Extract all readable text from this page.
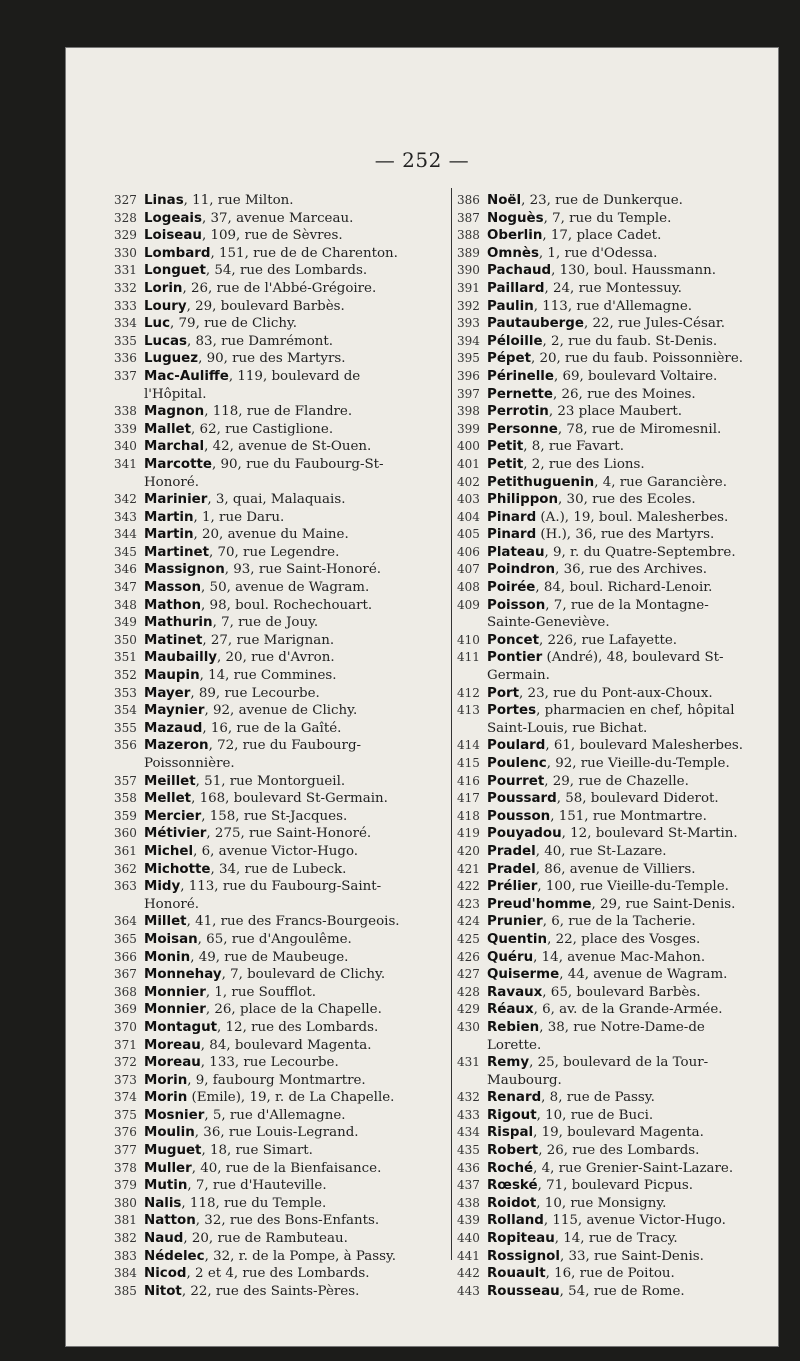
— 252 —
327 Linas, 11, rue Milton.
328 Logeais, 37, avenue Marceau.
329 Loiseau, 109, rue de Sèvres.
330 Lombard, 151, rue de de Charenton.
331 Longuet, 54, rue des Lombards.
332 Lorin, 26, rue de l'Abbé-Grégoire.
333 Loury, 29, boulevard Barbès.
334 Luc, 79, rue de Clichy.
335 Lucas, 83, rue Damrémont.
336 Luguez, 90, rue des Martyrs.
337 Mac-Auliffe, 119, boulevard de
l'Hôpital.
338 Magnon, 118, rue de Flandre.
339 Mallet, 62, rue Castiglione.
340 Marchal, 42, avenue de St-Ouen.
341 Marcotte, 90, rue du Faubourg-St-
Honoré.
342 Marinier, 3, quai, Malaquais.
343 Martin, 1, rue Daru.
344 Martin, 20, avenue du Maine.
345 Martinet, 70, rue Legendre.
346 Massignon, 93, rue Saint-Honoré.
347 Masson, 50, avenue de Wagram.
348 Mathon, 98, boul. Rochechouart.
349 Mathurin, 7, rue de Jouy.
350 Matinet, 27, rue Marignan.
351 Maubailly, 20, rue d'Avron.
352 Maupin, 14, rue Commines.
353 Mayer, 89, rue Lecourbe.
354 Maynier, 92, avenue de Clichy.
355 Mazaud, 16, rue de la Gaîté.
356 Mazeron, 72, rue du Faubourg-
Poissonnière.
357 Meillet, 51, rue Montorgueil.
358 Mellet, 168, boulevard St-Germain.
359 Mercier, 158, rue St-Jacques.
360 Métivier, 275, rue Saint-Honoré.
361 Michel, 6, avenue Victor-Hugo.
362 Michotte, 34, rue de Lubeck.
363 Midy, 113, rue du Faubourg-Saint-
Honoré.
364 Millet, 41, rue des Francs-Bourgeois.
365 Moisan, 65, rue d'Angoulême.
366 Monin, 49, rue de Maubeuge.
367 Monnehay, 7, boulevard de Clichy.
368 Monnier, 1, rue Soufflot.
369 Monnier, 26, place de la Chapelle.
370 Montagut, 12, rue des Lombards.
371 Moreau, 84, boulevard Magenta.
372 Moreau, 133, rue Lecourbe.
373 Morin, 9, faubourg Montmartre.
374 Morin (Emile), 19, r. de La Chapelle.
375 Mosnier, 5, rue d'Allemagne.
376 Moulin, 36, rue Louis-Legrand.
377 Muguet, 18, rue Simart.
378 Muller, 40, rue de la Bienfaisance.
379 Mutin, 7, rue d'Hauteville.
380 Nalis, 118, rue du Temple.
381 Natton, 32, rue des Bons-Enfants.
382 Naud, 20, rue de Rambuteau.
383 Nédelec, 32, r. de la Pompe, à Passy.
384 Nicod, 2 et 4, rue des Lombards.
385 Nitot, 22, rue des Saints-Pères.
386 Noël, 23, rue de Dunkerque.
387 Noguès, 7, rue du Temple.
388 Oberlin, 17, place Cadet.
389 Omnès, 1, rue d'Odessa.
390 Pachaud, 130, boul. Haussmann.
391 Paillard, 24, rue Montessuy.
392 Paulin, 113, rue d'Allemagne.
393 Pautauberge, 22, rue Jules-César.
394 Péloille, 2, rue du faub. St-Denis.
395 Pépet, 20, rue du faub. Poissonnière.
396 Périnelle, 69, boulevard Voltaire.
397 Pernette, 26, rue des Moines.
398 Perrotin, 23 place Maubert.
399 Personne, 78, rue de Miromesnil.
400 Petit, 8, rue Favart.
401 Petit, 2, rue des Lions.
402 Petithuguenin, 4, rue Garancière.
403 Philippon, 30, rue des Ecoles.
404 Pinard (A.), 19, boul. Malesherbes.
405 Pinard (H.), 36, rue des Martyrs.
406 Plateau, 9, r. du Quatre-Septembre.
407 Poindron, 36, rue des Archives.
408 Poirée, 84, boul. Richard-Lenoir.
409 Poisson, 7, rue de la Montagne-
Sainte-Geneviève.
410 Poncet, 226, rue Lafayette.
411 Pontier (André), 48, boulevard St-
Germain.
412 Port, 23, rue du Pont-aux-Choux.
413 Portes, pharmacien en chef, hôpital
Saint-Louis, rue Bichat.
414 Poulard, 61, boulevard Malesherbes.
415 Poulenc, 92, rue Vieille-du-Temple.
416 Pourret, 29, rue de Chazelle.
417 Poussard, 58, boulevard Diderot.
418 Pousson, 151, rue Montmartre.
419 Pouyadou, 12, boulevard St-Martin.
420 Pradel, 40, rue St-Lazare.
421 Pradel, 86, avenue de Villiers.
422 Prélier, 100, rue Vieille-du-Temple.
423 Preud'homme, 29, rue Saint-Denis.
424 Prunier, 6, rue de la Tacherie.
425 Quentin, 22, place des Vosges.
426 Quéru, 14, avenue Mac-Mahon.
427 Quiserme, 44, avenue de Wagram.
428 Ravaux, 65, boulevard Barbès.
429 Réaux, 6, av. de la Grande-Armée.
430 Rebien, 38, rue Notre-Dame-de
Lorette.
431 Remy, 25, boulevard de la Tour-
Maubourg.
432 Renard, 8, rue de Passy.
433 Rigout, 10, rue de Buci.
434 Rispal, 19, boulevard Magenta.
435 Robert, 26, rue des Lombards.
436 Roché, 4, rue Grenier-Saint-Lazare.
437 Rœské, 71, boulevard Picpus.
438 Roidot, 10, rue Monsigny.
439 Rolland, 115, avenue Victor-Hugo.
440 Ropiteau, 14, rue de Tracy.
441 Rossignol, 33, rue Saint-Denis.
442 Rouault, 16, rue de Poitou.
443 Rousseau, 54, rue de Rome.
